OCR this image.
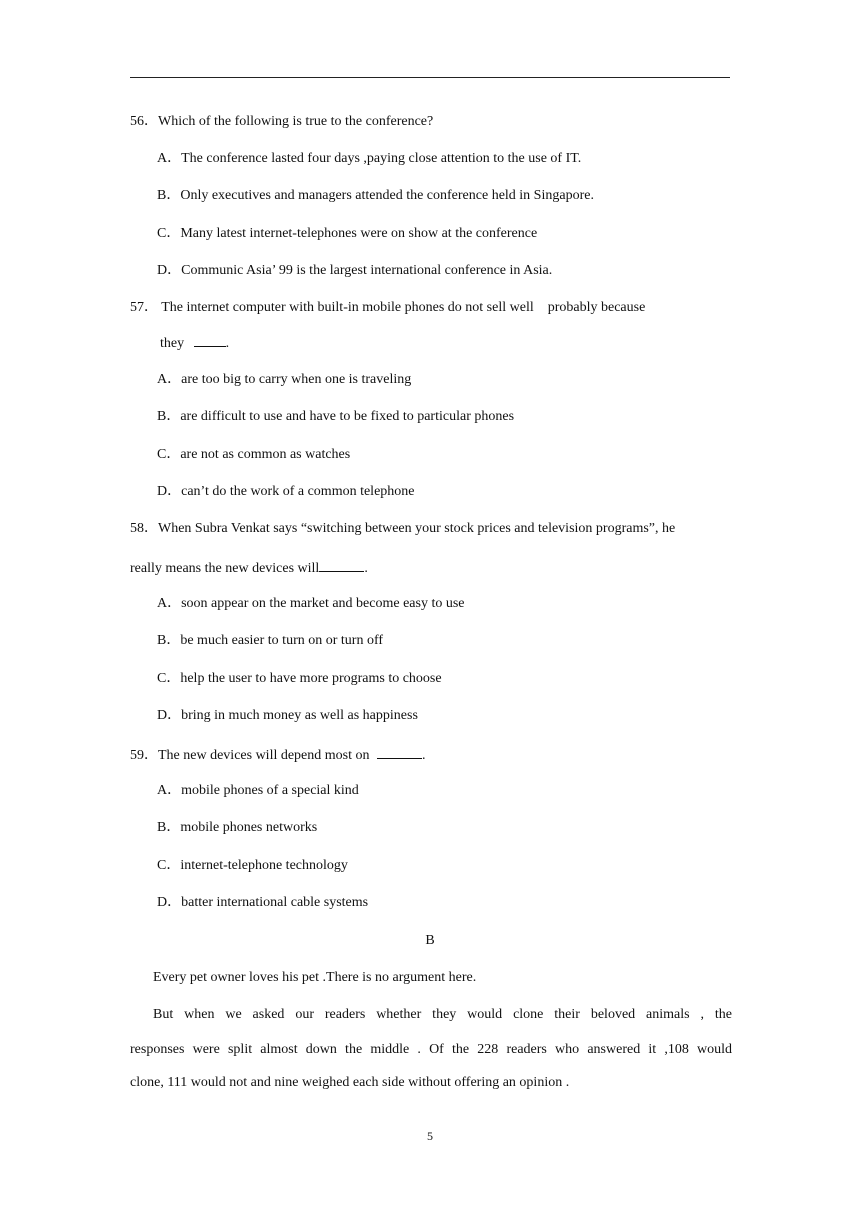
56．Which of the following is true to the conference?
A．The conference lasted four days ,paying close attention to the use of IT.
B．Only executives and managers attended the conference held in Singapore.
C．Many latest internet-telephones were on show at the conference
D．Communic Asia’ 99 is the largest international conference in Asia.
57． The internet computer with built-in mobile phones do not sell well    probably because
they	.
A．are too big to carry when one is traveling
B．are difficult to use and have to be fixed to particular phones
C．are not as common as watches
D．can’t do the work of a common telephone
58．When Subra Venkat says “switching between your stock prices and television programs”, he
really means the new devices will	.
A．soon appear on the market and become easy to use
B．be much easier to turn on or turn off
C．help the user to have more programs to choose
D．bring in much money as well as happiness
59．The new devices will depend most on	.
A．mobile phones of a special kind
B．mobile phones networks
C．internet-telephone technology
D．batter international cable systems
B
Every pet owner loves his pet .There is no argument here.
But when we asked our readers whether they would clone their beloved animals , the
responses were split almost down the middle . Of the 228 readers who answered it ,108 would
clone, 111 would not and nine weighed each side without offering an opinion .
5
